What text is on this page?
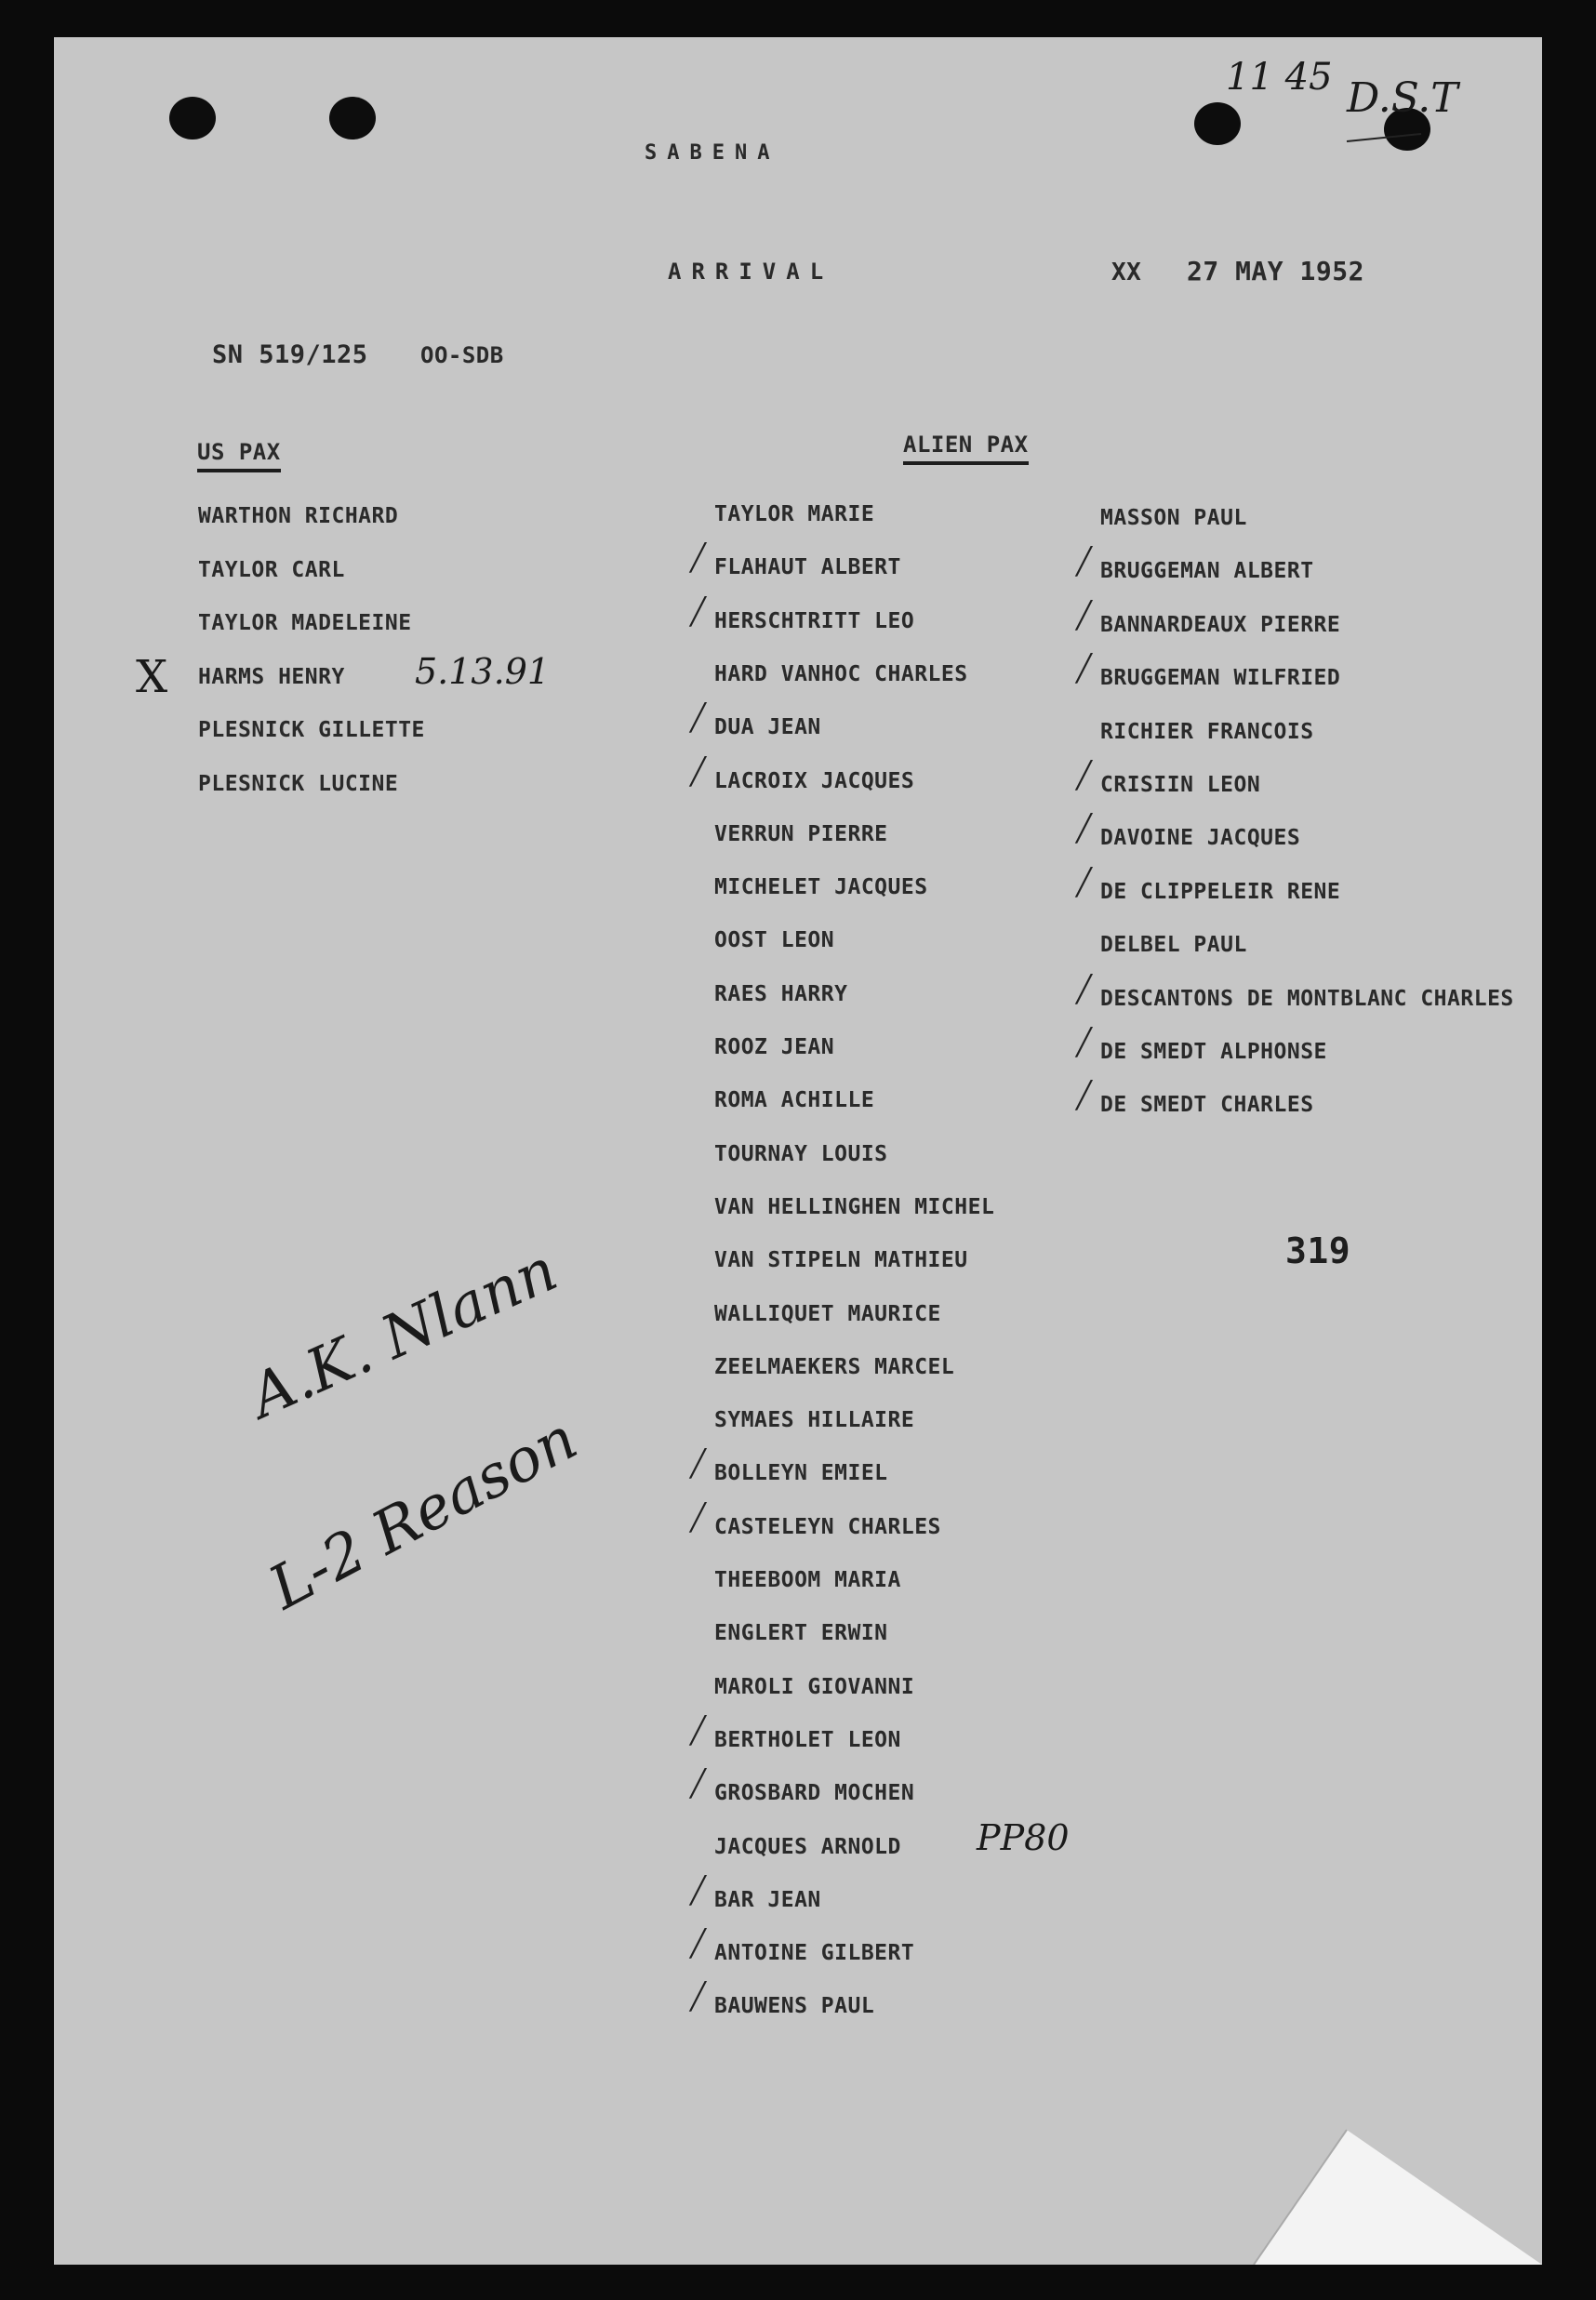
11 45 D.S.T
SABENA
ARRIVAL	XX 27 MAY 1952
SN 519/125 OO-SDB
US PAX	ALIEN PAX
WARTHON RICHARD
TAYLOR CARL
TAYLOR MADELEINE
HARMS HENRY
PLESNICK GILLETTE
PLESNICK LUCINE
TAYLOR MARIE
FLAHAUT ALBERT
╱
HERSCHTRITT LEO
╱
HARD VANHOC CHARLES
DUA JEAN
╱
LACROIX JACQUES
╱
VERRUN PIERRE
MICHELET JACQUES
OOST LEON
RAES HARRY
ROOZ JEAN
ROMA ACHILLE
TOURNAY LOUIS
VAN HELLINGHEN MICHEL
VAN STIPELN MATHIEU
WALLIQUET MAURICE
ZEELMAEKERS MARCEL
SYMAES HILLAIRE
BOLLEYN EMIEL
╱
CASTELEYN CHARLES
╱
THEEBOOM MARIA
ENGLERT ERWIN
MAROLI GIOVANNI
BERTHOLET LEON
╱
GROSBARD MOCHEN
╱
JACQUES ARNOLD
BAR JEAN
╱
ANTOINE GILBERT
╱
BAUWENS PAUL
╱
MASSON PAUL
BRUGGEMAN ALBERT
╱
BANNARDEAUX PIERRE
╱
BRUGGEMAN WILFRIED
╱
RICHIER FRANCOIS
CRISIIN LEON
╱
DAVOINE JACQUES
╱
DE CLIPPELEIR RENE
╱
DELBEL PAUL
DESCANTONS DE MONTBLANC CHARLES
╱
DE SMEDT ALPHONSE
╱
DE SMEDT CHARLES
╱
X	5.13.91
PP80
319
A.K. Nlann
L-2 Reason
